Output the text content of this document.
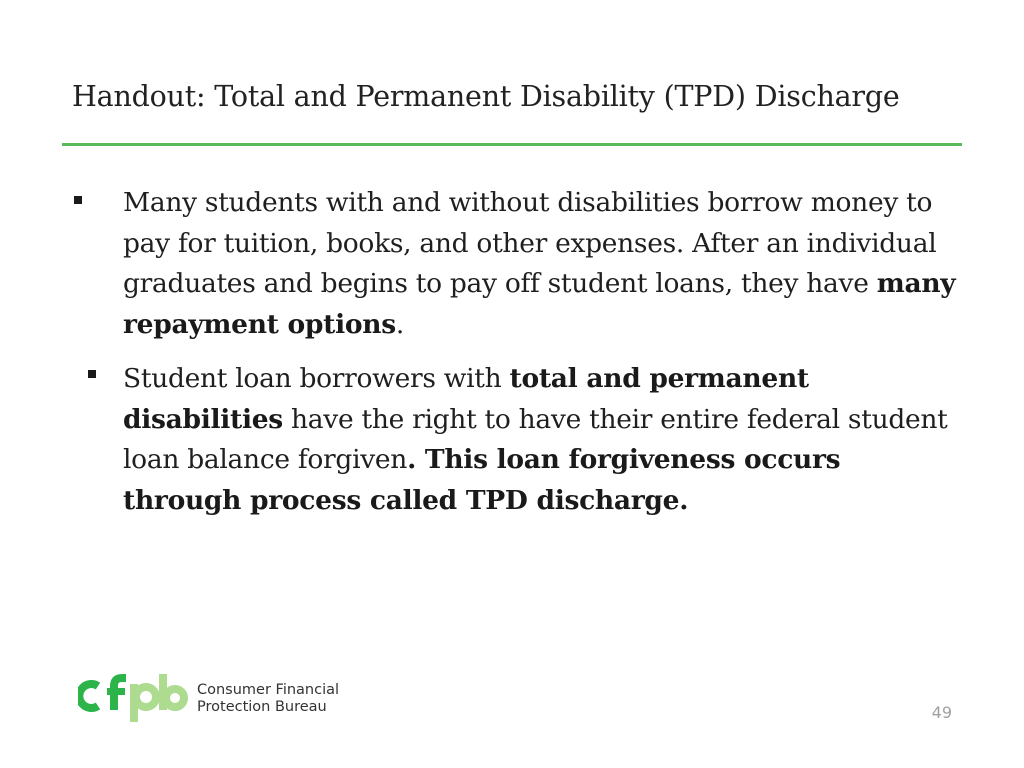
Handout: Total and Permanent Disability (TPD) Discharge
Many students with and without disabilities borrow money to pay for tuition, books, and other expenses. After an individual graduates and begins to pay off student loans, they have many repayment options.
Student loan borrowers with total and permanent disabilities have the right to have their entire federal student loan balance forgiven. This loan forgiveness occurs through process called TPD discharge.
Consumer Financial
Protection Bureau	49
